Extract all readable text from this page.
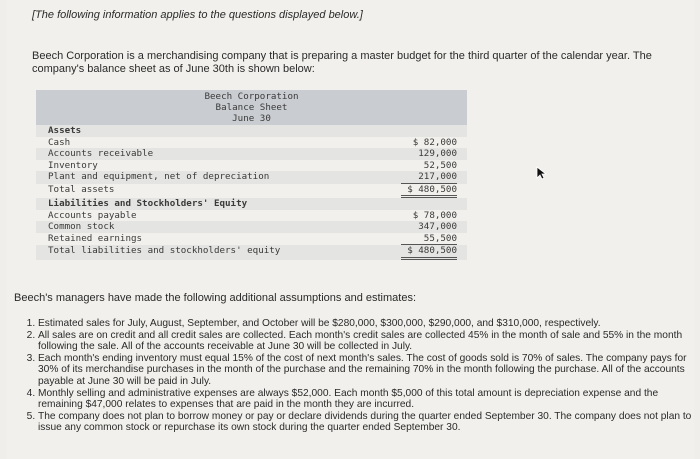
[The following information applies to the questions displayed below.]
Beech Corporation is a merchandising company that is preparing a master budget for the third quarter of the calendar year. The company's balance sheet as of June 30th is shown below:
Beech Corporation
Balance Sheet
June 30
Assets
Cash	$ 82,000
Accounts receivable	129,000
Inventory	52,500
Plant and equipment, net of depreciation	217,000
Total assets	$ 480,500
Liabilities and Stockholders' Equity
Accounts payable	$ 78,000
Common stock	347,000
Retained earnings	55,500
Total liabilities and stockholders' equity	$ 480,500
Beech's managers have made the following additional assumptions and estimates:
1. Estimated sales for July, August, September, and October will be $280,000, $300,000, $290,000, and $310,000, respectively.
2. All sales are on credit and all credit sales are collected. Each month's credit sales are collected 45% in the month of sale and 55% in the month following the sale. All of the accounts receivable at June 30 will be collected in July.
3. Each month's ending inventory must equal 15% of the cost of next month's sales. The cost of goods sold is 70% of sales. The company pays for 30% of its merchandise purchases in the month of the purchase and the remaining 70% in the month following the purchase. All of the accounts payable at June 30 will be paid in July.
4. Monthly selling and administrative expenses are always $52,000. Each month $5,000 of this total amount is depreciation expense and the remaining $47,000 relates to expenses that are paid in the month they are incurred.
5. The company does not plan to borrow money or pay or declare dividends during the quarter ended September 30. The company does not plan to issue any common stock or repurchase its own stock during the quarter ended September 30.
